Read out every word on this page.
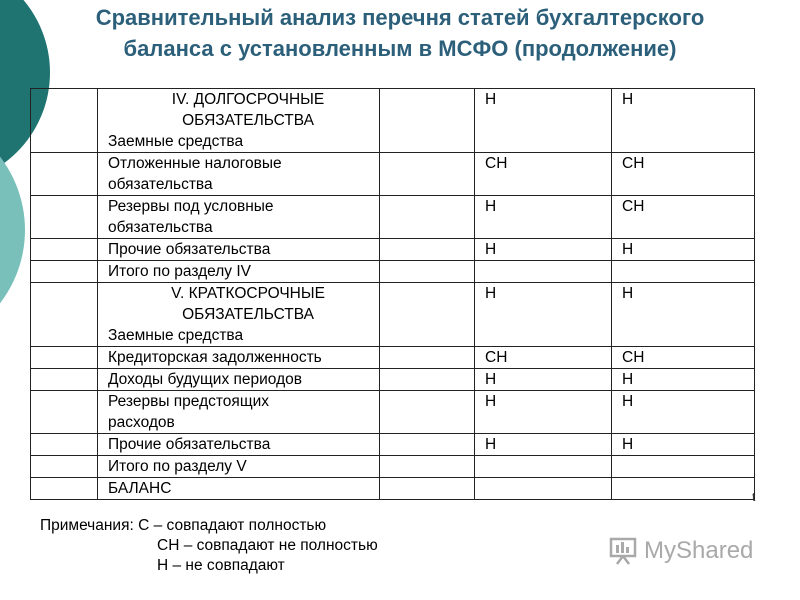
Сравнительный анализ перечня статей бухгалтерского
баланса с установленным в МСФО (продолжение)

	IV. ДОЛГОСРОЧНЫЕ
ОБЯЗАТЕЛЬСТВА
Заемные средства		Н	Н

	Отложенные налоговые
обязательства		СН	СН

	Резервы под условные
обязательства		Н	СН
	Прочие обязательства		Н	Н
	Итого по разделу IV			

	V. КРАТКОСРОЧНЫЕ
ОБЯЗАТЕЛЬСТВА
Заемные средства		Н	Н
	Кредиторская задолженность		СН	СН
	Доходы будущих периодов		Н	Н

	Резервы предстоящих
расходов		Н	Н
	Прочие обязательства		Н	Н
	Итого по разделу V			
	БАЛАНС				t
Примечания: С – совпадают полностью
СН – совпадают не полностью
Н – не совпадают
MyShared
